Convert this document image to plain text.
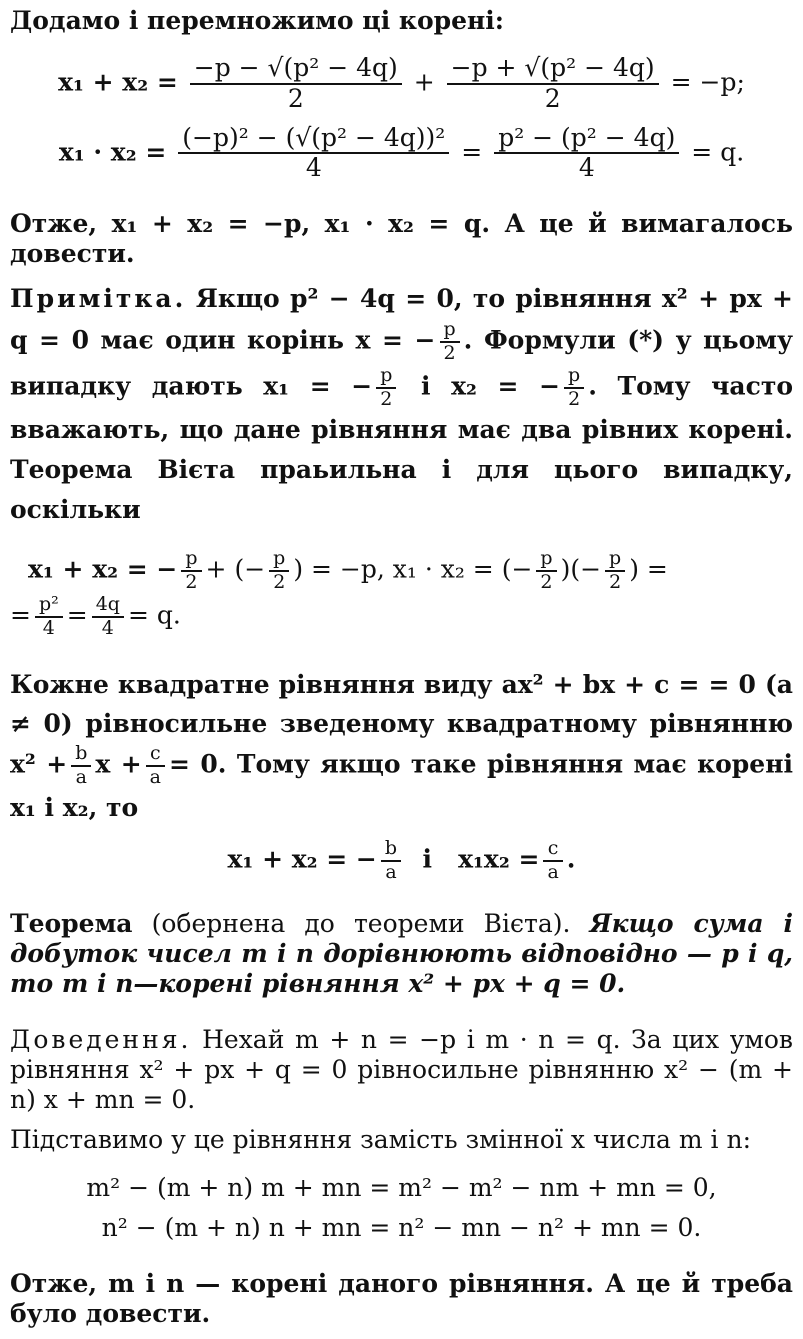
Додамо і перемножимо ці корені:

$x_1 + x_2 = \frac{\text{−p − √(p² − 4q)}}{2} + \frac{\text{−p + √(p² − 4q)}}{2} = -p$;
$x_1 \cdot x_2 = \frac{\text{(−p)² − (√(p² − 4q))²}}{4} = \frac{\text{p² − (p² − 4q)}}{4} = q$.

Отже, x₁ + x₂ = −p, x₁ · x₂ = q. А це й вимагалось довести.

Примітка. Якщо p² − 4q = 0, то рівняння x² + px + q = 0 має один корінь x = − $\frac{p}{2}$ . Формули (*) у цьому випадку дають x₁ = − $\frac{p}{2}$ і x₂ = − $\frac{p}{2}$ . Тому часто вважають, що дане рівняння має два рівних корені. Теорема Вієта праьильна і для цього випадку, оскільки

x₁ + x₂ = − $\frac{p}{2}$ + (− $\frac{p}{2}$ ) = −p, x₁ · x₂ = (− $\frac{p}{2}$ )(− $\frac{p}{2}$ ) =
= $\frac{\text{p²}}{4} = \frac{4q}{4} = q$.

Кожне квадратне рівняння виду ax² + bx + c = = 0 (a ≠ 0) рівносильне зведеному квадратному рівнянню $x^2 + \frac{b}{a}$ $x + \frac{c}{a} = 0$. Тому якщо таке рівняння має корені x₁ і x₂, то

x₁ + x₂ = − $\frac{b}{a}$ і   $x_1x_2 = \frac{c}{a}$ .

Теорема (обернена до теореми Вієта). Якщо сума і добуток чисел m і n дорівнюють відповідно — p і q, то m і n—корені рівняння x² + px + q = 0.

Доведення. Нехай m + n = −p і m · n = q. За цих умов рівняння x² + px + q = 0 рівносильне рівнянню x² − (m + n) x + mn = 0.

Підставимо у це рівняння замість змінної x числа m і n:

m² − (m + n) m + mn = m² − m² − nm + mn = 0,
n² − (m + n) n + mn = n² − mn − n² + mn = 0.

Отже, m і n — корені даного рівняння. А це й треба було довести.
